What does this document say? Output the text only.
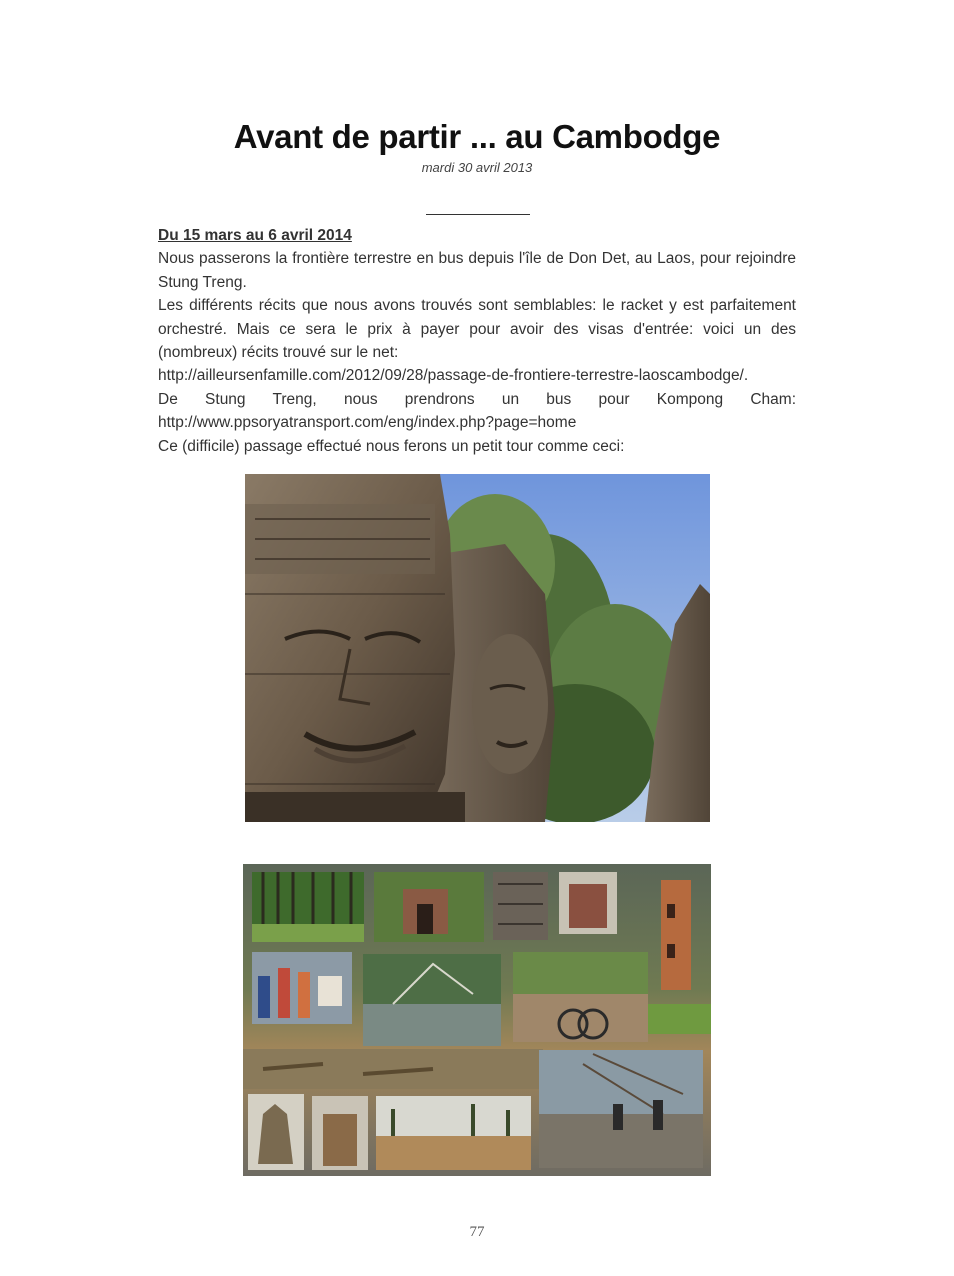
Avant de partir ... au Cambodge
mardi 30 avril 2013
Du 15 mars au 6 avril 2014
Nous passerons la frontière terrestre en bus depuis l'île de Don Det, au Laos, pour rejoindre Stung Treng.
Les différents récits que nous avons trouvés sont semblables: le racket y est parfaitement orchestré. Mais ce sera le prix à payer pour avoir des visas d'entrée: voici un des (nombreux) récits trouvé sur le net:
http://ailleursenfamille.com/2012/09/28/passage-de-frontiere-terrestre-laoscambodge/.
De Stung Treng, nous prendrons un bus pour Kompong Cham: http://www.ppsoryatransport.com/eng/index.php?page=home
Ce (difficile) passage effectué nous ferons un petit tour comme ceci:
77
